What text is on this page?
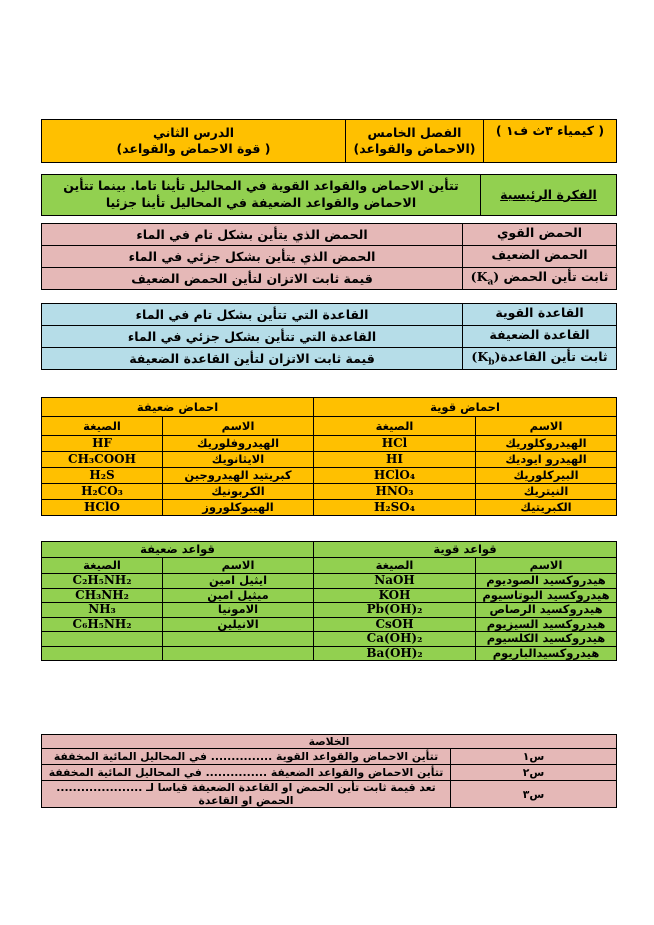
( كيمياء ٣ث ف١ )	
الفصل الخامس
(الاحماض والقواعد)

الدرس الثاني
( قوة الاحماض والقواعد)
الفكرة الرئيسية	تتأين الاحماض والقواعد القوية في المحاليل تأينا تاما. بينما تتأين الاحماض والقواعد الضعيفة في المحاليل تأينا جزئيا
الحمض القوي	الحمض الذي يتأين بشكل تام في الماء
الحمض الضعيف	الحمض الذي يتأين بشكل جزئي في الماء
ثابت تأين الحمض $(K_a)$	قيمة ثابت الاتزان لتأين الحمض الضعيف
القاعدة القوية	القاعدة التي تتأين بشكل تام في الماء
القاعدة الضعيفة	القاعدة التي تتأين بشكل جزئي في الماء
ثابت تأين $القاعدة(K_b)$	قيمة ثابت الاتزان لتأين القاعدة الضعيفة
احماض قوية		احماض ضعيفة	
الاسم	الصيغة	الاسم	الصيغة
الهيدروكلوريك	HCl	الهيدروفلوريك	HF
الهيدرو ايوديك	HI	الايثانويك	CH₃COOH
البيركلوريك	HClO₄	كبريتيد الهيدروجين	H₂S
النيتريك	HNO₃	الكربونيك	H₂CO₃
الكبريتيك	H₂SO₄	الهيبوكلوروز	HClO
قواعد قوية		قواعد ضعيفة	
الاسم	الصيغة	الاسم	الصيغة
هيدروكسيد الصوديوم	NaOH	ايثيل امين	C₂H₅NH₂
هيدروكسيد البوتاسيوم	KOH	ميثيل امين	CH₃NH₂
هيدروكسيد الرصاص	Pb(OH)₂	الامونيا	NH₃
هيدروكسيد السيزيوم	CsOH	الانيلين	C₆H₅NH₂
هيدروكسيد الكلسيوم	Ca(OH)₂		
هيدروكسيدالباريوم	Ba(OH)₂		
الخلاصة	
س١	تتأين الاحماض والقواعد القوية ............... في المحاليل المائية المخففة
س٢	تتأين الاحماض والقواعد الضعيفة ............... في المحاليل المائية المخففة
س٣	تعد قيمة ثابت تأين الحمض او القاعدة الضعيفة قياسا لـ ..................... الحمض او القاعدة
